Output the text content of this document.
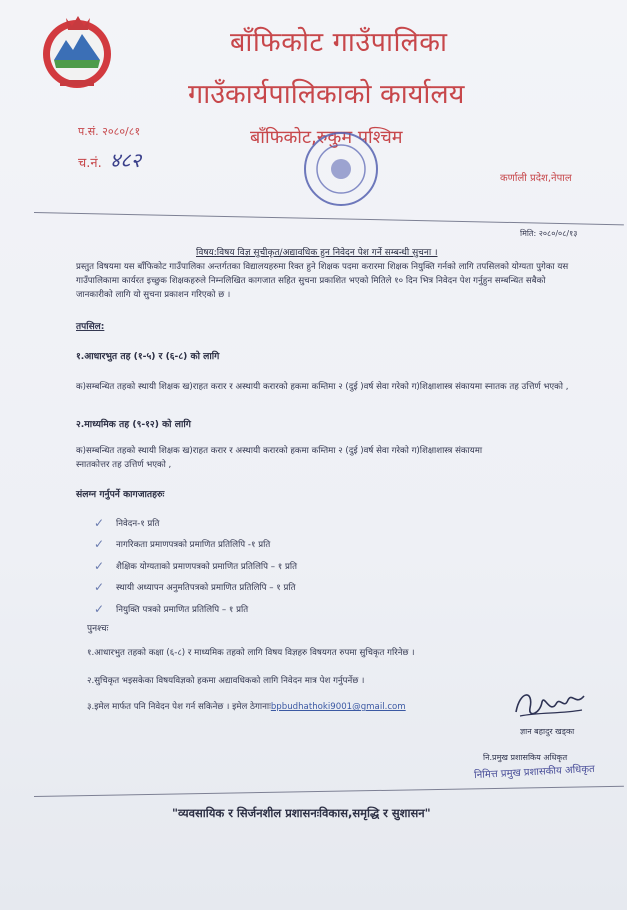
बाँफिकोट गाउँपालिका
गाउँकार्यपालिकाको कार्यालय
बाँफिकोट,रुकुम पश्चिम
कर्णाली प्रदेश,नेपाल
प.सं. २०८०/८१
च.नं. ४८२
मिति: २०८०/०८/१३
विषय:विषय विज्ञ सुचीकृत/अद्यावधिक हुन निवेदन पेश गर्ने सम्बन्धी सुचना ।
प्रस्तुत विषयमा यस बाँफिकोट गाउँपालिका अन्तर्गतका विद्यालयहरुमा रिक्त हुने शिक्षक पदमा करारमा शिक्षक नियुक्ति गर्नको लागि तपसिलको योग्यता पुगेका यस गाउँपालिकामा कार्यरत इच्छुक शिक्षकहरुले निम्नलिखित कागजात सहित सुचना प्रकाशित भएको मितिले १० दिन भित्र निवेदन पेश गर्नुहुन सम्बन्धित सबैको जानकारीको लागि यो सुचना प्रकाशन गरिएको छ ।
तपसिल:
१.आधारभुत तह (१-५) र (६-८) को लागि
क)सम्बन्धित तहको स्थायी शिक्षक ख)राहत करार र अस्थायी करारको हकमा कम्तिमा २ (दुई )वर्ष सेवा गरेको ग)शिक्षाशास्त्र संकायमा स्नातक तह उत्तिर्ण भएको ,
२.माध्यमिक तह (९-१२) को लागि
क)सम्बन्धित तहको स्थायी शिक्षक ख)राहत करार र अस्थायी करारको हकमा कम्तिमा २ (दुई )वर्ष सेवा गरेको ग)शिक्षाशास्त्र संकायमा स्नातकोत्तर तह उत्तिर्ण भएको ,
संलग्न गर्नुपर्ने कागजातहरुः
✓	निवेदन-१ प्रति
✓	नागरिकता प्रमाणपत्रको प्रमाणित प्रतिलिपि -१ प्रति
✓	शैक्षिक योग्यताको प्रमाणपत्रको प्रमाणित प्रतिलिपि – १ प्रति
✓	स्थायी अध्यापन अनुमतिपत्रको प्रमाणित प्रतिलिपि – १ प्रति
✓	नियुक्ति पत्रको प्रमाणित प्रतिलिपि – १ प्रति
पुनश्चः
१.आधारभुत तहको कक्षा (६-८) र माध्यमिक तहको लागि विषय विज्ञहरु विषयगत रुपमा सुचिकृत गरिनेछ ।
२.सुचिकृत भइसकेका विषयविज्ञको हकमा अद्यावधिकको लागि निवेदन मात्र पेश गर्नुपर्नेछ ।
३.इमेल मार्फत पनि निवेदन पेश गर्न सकिनेछ । इमेल ठेगानाःbpbudhathoki9001@gmail.com
ज्ञान बहादुर खड्का
नि.प्रमुख प्रशासकिय अधिकृत
निमित्त प्रमुख प्रशासकीय अधिकृत
"व्यवसायिक र सिर्जनशील प्रशासनःविकास,समृद्धि र सुशासन"
